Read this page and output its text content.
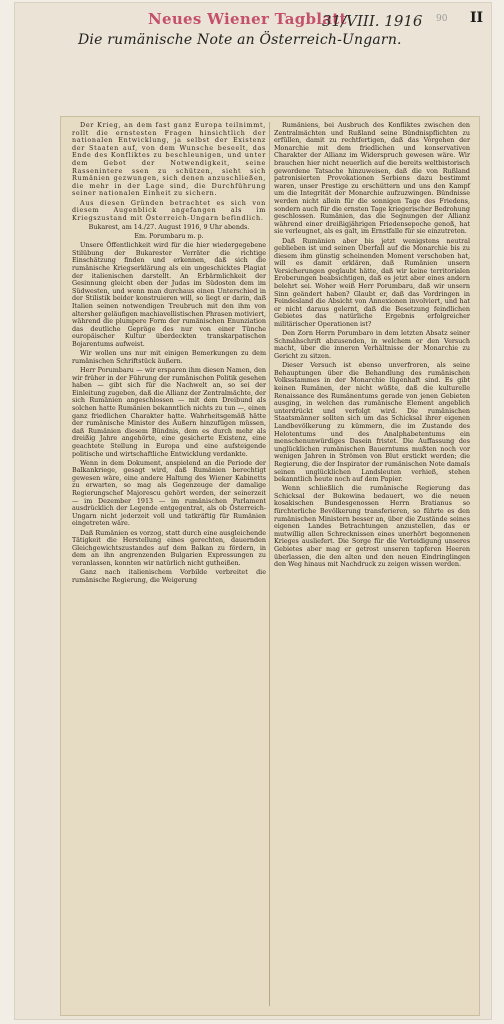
Neues Wiener Tagblatt
31/VIII. 1916 90 II
Die rumänische Note an Österreich-Ungarn.

Der Krieg, an dem fast ganz Europa teilnimmt, rollt die ernstesten Fragen hinsichtlich der nationalen Entwicklung, ja selbst der Existenz der Staaten auf, von dem Wunsche beseelt, das Ende des Konfliktes zu beschleunigen, und unter dem Gebot der Notwendigkeit, seine Rassenintere ssen zu schützen, sieht sich Rumänien gezwungen, sich denen anzuschließen, die mehr in der Lage sind, die Durchführung seiner nationalen Einheit zu sichern.

Aus diesen Gründen betrachtet es sich von diesem Augenblick angefangen als im Kriegszustand mit Österreich-Ungarn befindlich.

Bukarest, am 14./27. August 1916, 9 Uhr abends.

Em. Porumbaru m. p.

Unsere Öffentlichkeit wird für die hier wiedergegebene Stilübung der Bukarester Verräter die richtige Einschätzung finden und erkennen, daß sich die rumänische Kriegserklärung als ein ungeschicktes Plagiat der italienischen darstellt. An Erbärmlichkeit der Gesinnung gleicht eben der Judas im Südosten dem im Südwesten, und wenn man durchaus einen Unterschied in der Stilistik beider konstruieren will, so liegt er darin, daß Italien seinen notwendigen Treubruch mit den ihm von altersher geläufigen machiavellistischen Phrasen motiviert, während die plumpere Form der rumänischen Enunziation das deutliche Gepräge des nur von einer Tünche europäischer Kultur überdeckten transkarpatischen Bojarentums aufweist.

Wir wollen uns nur mit einigen Bemerkungen zu dem rumänischen Schriftstück äußern.

Herr Porumbaru — wir ersparen ihm diesen Namen, den wir früher in der Führung der rumänischen Politik gesehen haben — gibt sich für die Nachwelt an, so sei der Einleitung zugeben, daß die Allianz der Zentralmächte, der sich Rumänien angeschlossen — mit dem Dreibund als solchen hatte Rumänien bekanntlich nichts zu tun —, einen ganz friedlichen Charakter hatte. Wahrheitsgemäß hätte der rumänische Minister des Äußern hinzufügen müssen, daß Rumänien diesem Bündnis, dem es durch mehr als dreißig Jahre angehörte, eine gesicherte Existenz, eine geachtete Stellung in Europa und eine aufsteigende politische und wirtschaftliche Entwicklung verdankte.

Wenn in dem Dokument, anspielend an die Periode der Balkankriege, gesagt wird, daß Rumänien berechtigt gewesen wäre, eine andere Haltung des Wiener Kabinetts zu erwarten, so mag als Gegenzeuge der damalige Regierungschef Majorescu gehört werden, der seinerzeit — im Dezember 1913 — im rumänischen Parlament ausdrücklich der Legende entgegentrat, als ob Österreich-Ungarn nicht jederzeit voll und tatkräftig für Rumänien eingetreten wäre.

Daß Rumänien es vorzog, statt durch eine ausgleichende Tätigkeit die Herstellung eines gerechten, dauernden Gleichgewichtszustandes auf dem Balkan zu fördern, in dem an ihn angrenzenden Bulgarien Expressungen zu veranlassen, konnten wir natürlich nicht gutheißen.

Ganz nach italienischem Vorbilde verbreitet die rumänische Regierung, die Weigerung

Rumäniens, bei Ausbruch des Konfliktes zwischen den Zentralmächten und Rußland seine Bündnispflichten zu erfüllen, damit zu rechtfertigen, daß das Vorgehen der Monarchie mit dem friedlichen und konservativen Charakter der Allianz im Widerspruch gewesen wäre. Wir brauchen hier nicht neuerlich auf die bereits weltbistorisch gewordene Tatsache hinzuweisen, daß die von Rußland patronisierten Provokationen Serbiens dazu bestimmt waren, unser Prestige zu erschüttern und uns den Kampf um die Integrität der Monarchie aufzuzwingen. Bündnisse werden nicht allein für die sonnigen Tage des Friedens, sondern auch für die ernsten Tage kriegerischer Bedrohung geschlossen. Rumänien, das die Segnungen der Allianz während einer dreißigjährigen Friedensepoche genoß, hat sie verleugnet, als es galt, im Ernstfalle für sie einzutreten.

Daß Rumänien aber bis jetzt wenigstens neutral geblieben ist und seinen Überfall auf die Monarchie bis zu diesem ihm günstig scheinenden Moment verschoben hat, will es damit erklären, daß Rumänien unsern Versicherungen geglaubt hätte, daß wir keine territorialen Eroberungen beabsichtigen, daß es jetzt aber eines andern belehrt sei. Woher weiß Herr Porumbaru, daß wir unsern Sinn geändert haben? Glaubt er, daß das Vordringen in Feindesland die Absicht von Annexionen involviert, und hat er nicht daraus gelernt, daß die Besetzung feindlichen Gebietes das natürliche Ergebnis erfolgreicher militärischer Operationen ist?

Den Zorn Herrn Porumbaro in dem letzten Absatz seiner Schmähschrift abzusenden, in welchem er den Versuch macht, über die inneren Verhältnisse der Monarchie zu Gericht zu sitzen.

Dieser Versuch ist ebenso unverfroren, als seine Behauptungen über die Behandlung des rumänischen Volksstammes in der Monarchie lügenhaft sind. Es gibt keinen Rumänen, der nicht wüßte, daß die kulturelle Renaissance des Rumänentums gerade von jenen Gebieten ausging, in welchen das rumänische Element angeblich unterdrückt und verfolgt wird. Die rumänischen Staatsmänner sollten sich um das Schicksal ihrer eigenen Landbevölkerung zu kümmern, die im Zustande des Helotentums und des Analphabetentums ein menschenunwürdiges Dasein fristet. Die Auffassung des unglücklichen rumänischen Bauerntums mußten noch vor wenigen Jahren in Strömen von Blut erstickt werden; die Regierung, die der Inspirator der rumänischen Note damals seinen unglücklichen Landsleuten verhieß, stehen bekanntlich heute noch auf dem Papier.

Wenn schließlich die rumänische Regierung das Schicksal der Bukowina bedauert, wo die neuen kosakischen Bundesgenossen Herrn Bratianus so fürchterliche Bevölkerung transferieren, so führte es den rumänischen Ministern besser an, über die Zustände seines eigenen Landes Betrachtungen anzustellen, das er mutwillig allen Schrecknissen eines unerhört begonnenen Krieges ausliefert. Die Sorge für die Verteidigung unseres Gebietes aber mag er getrost unseren tapferen Heeren überlassen, die den alten und den neuen Eindringlingen den Weg hinaus mit Nachdruck zu zeigen wissen werden.
